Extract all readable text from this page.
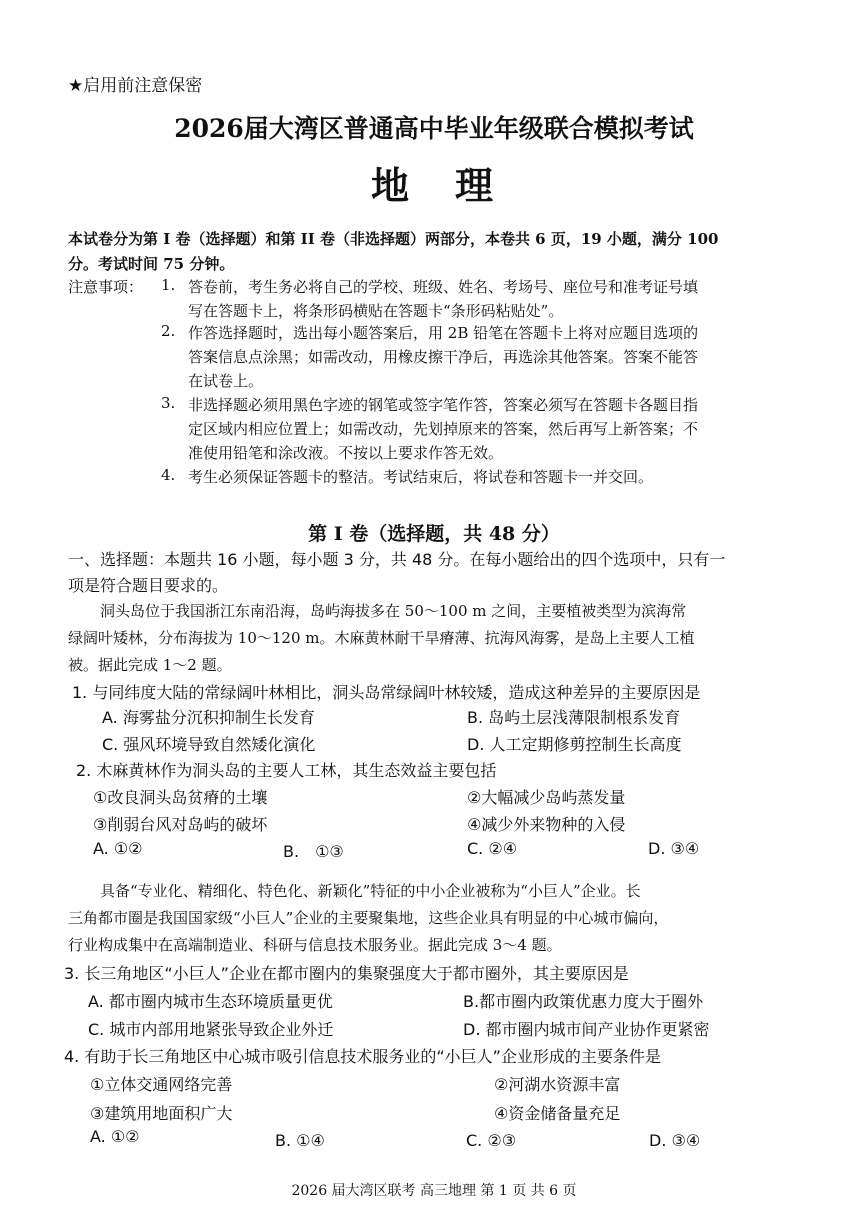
★启用前注意保密
2026届大湾区普通高中毕业年级联合模拟考试
地　理
本试卷分为第 I 卷（选择题）和第 II 卷（非选择题）两部分，本卷共 6 页，19 小题，满分 100
分。考试时间 75 分钟。
注意事项： 1. 答卷前，考生务必将自己的学校、班级、姓名、考场号、座位号和准考证号填
写在答题卡上，将条形码横贴在答题卡“条形码粘贴处”。
2. 作答选择题时，选出每小题答案后，用 2B 铅笔在答题卡上将对应题目选项的
答案信息点涂黑；如需改动，用橡皮擦干净后，再选涂其他答案。答案不能答
在试卷上。
3. 非选择题必须用黑色字迹的钢笔或签字笔作答，答案必须写在答题卡各题目指
定区域内相应位置上；如需改动，先划掉原来的答案，然后再写上新答案；不
准使用铅笔和涂改液。不按以上要求作答无效。
4. 考生必须保证答题卡的整洁。考试结束后，将试卷和答题卡一并交回。
第 I 卷（选择题，共 48 分）
一、选择题：本题共 16 小题，每小题 3 分，共 48 分。在每小题给出的四个选项中，只有一
项是符合题目要求的。
洞头岛位于我国浙江东南沿海，岛屿海拔多在 50～100 m 之间，主要植被类型为滨海常
绿阔叶矮林，分布海拔为 10～120 m。木麻黄林耐干旱瘠薄、抗海风海雾，是岛上主要人工植
被。据此完成 1～2 题。
1. 与同纬度大陆的常绿阔叶林相比，洞头岛常绿阔叶林较矮，造成这种差异的主要原因是
A. 海雾盐分沉积抑制生长发育	B. 岛屿土层浅薄限制根系发育
C. 强风环境导致自然矮化演化	D. 人工定期修剪控制生长高度
2. 木麻黄林作为洞头岛的主要人工林，其生态效益主要包括
①改良洞头岛贫瘠的土壤	②大幅减少岛屿蒸发量
③削弱台风对岛屿的破坏	④减少外来物种的入侵
A. ①②	B.　①③	C. ②④	D. ③④
具备“专业化、精细化、特色化、新颖化”特征的中小企业被称为“小巨人”企业。长
三角都市圈是我国国家级“小巨人”企业的主要聚集地，这些企业具有明显的中心城市偏向，
行业构成集中在高端制造业、科研与信息技术服务业。据此完成 3～4 题。
3. 长三角地区“小巨人”企业在都市圈内的集聚强度大于都市圈外，其主要原因是
A. 都市圈内城市生态环境质量更优	B.都市圈内政策优惠力度大于圈外
C. 城市内部用地紧张导致企业外迁	D. 都市圈内城市间产业协作更紧密
4. 有助于长三角地区中心城市吸引信息技术服务业的“小巨人”企业形成的主要条件是
①立体交通网络完善	②河湖水资源丰富
③建筑用地面积广大	④资金储备量充足
A. ①②	B. ①④	C. ②③	D. ③④
2026 届大湾区联考 高三地理 第 1 页 共 6 页
